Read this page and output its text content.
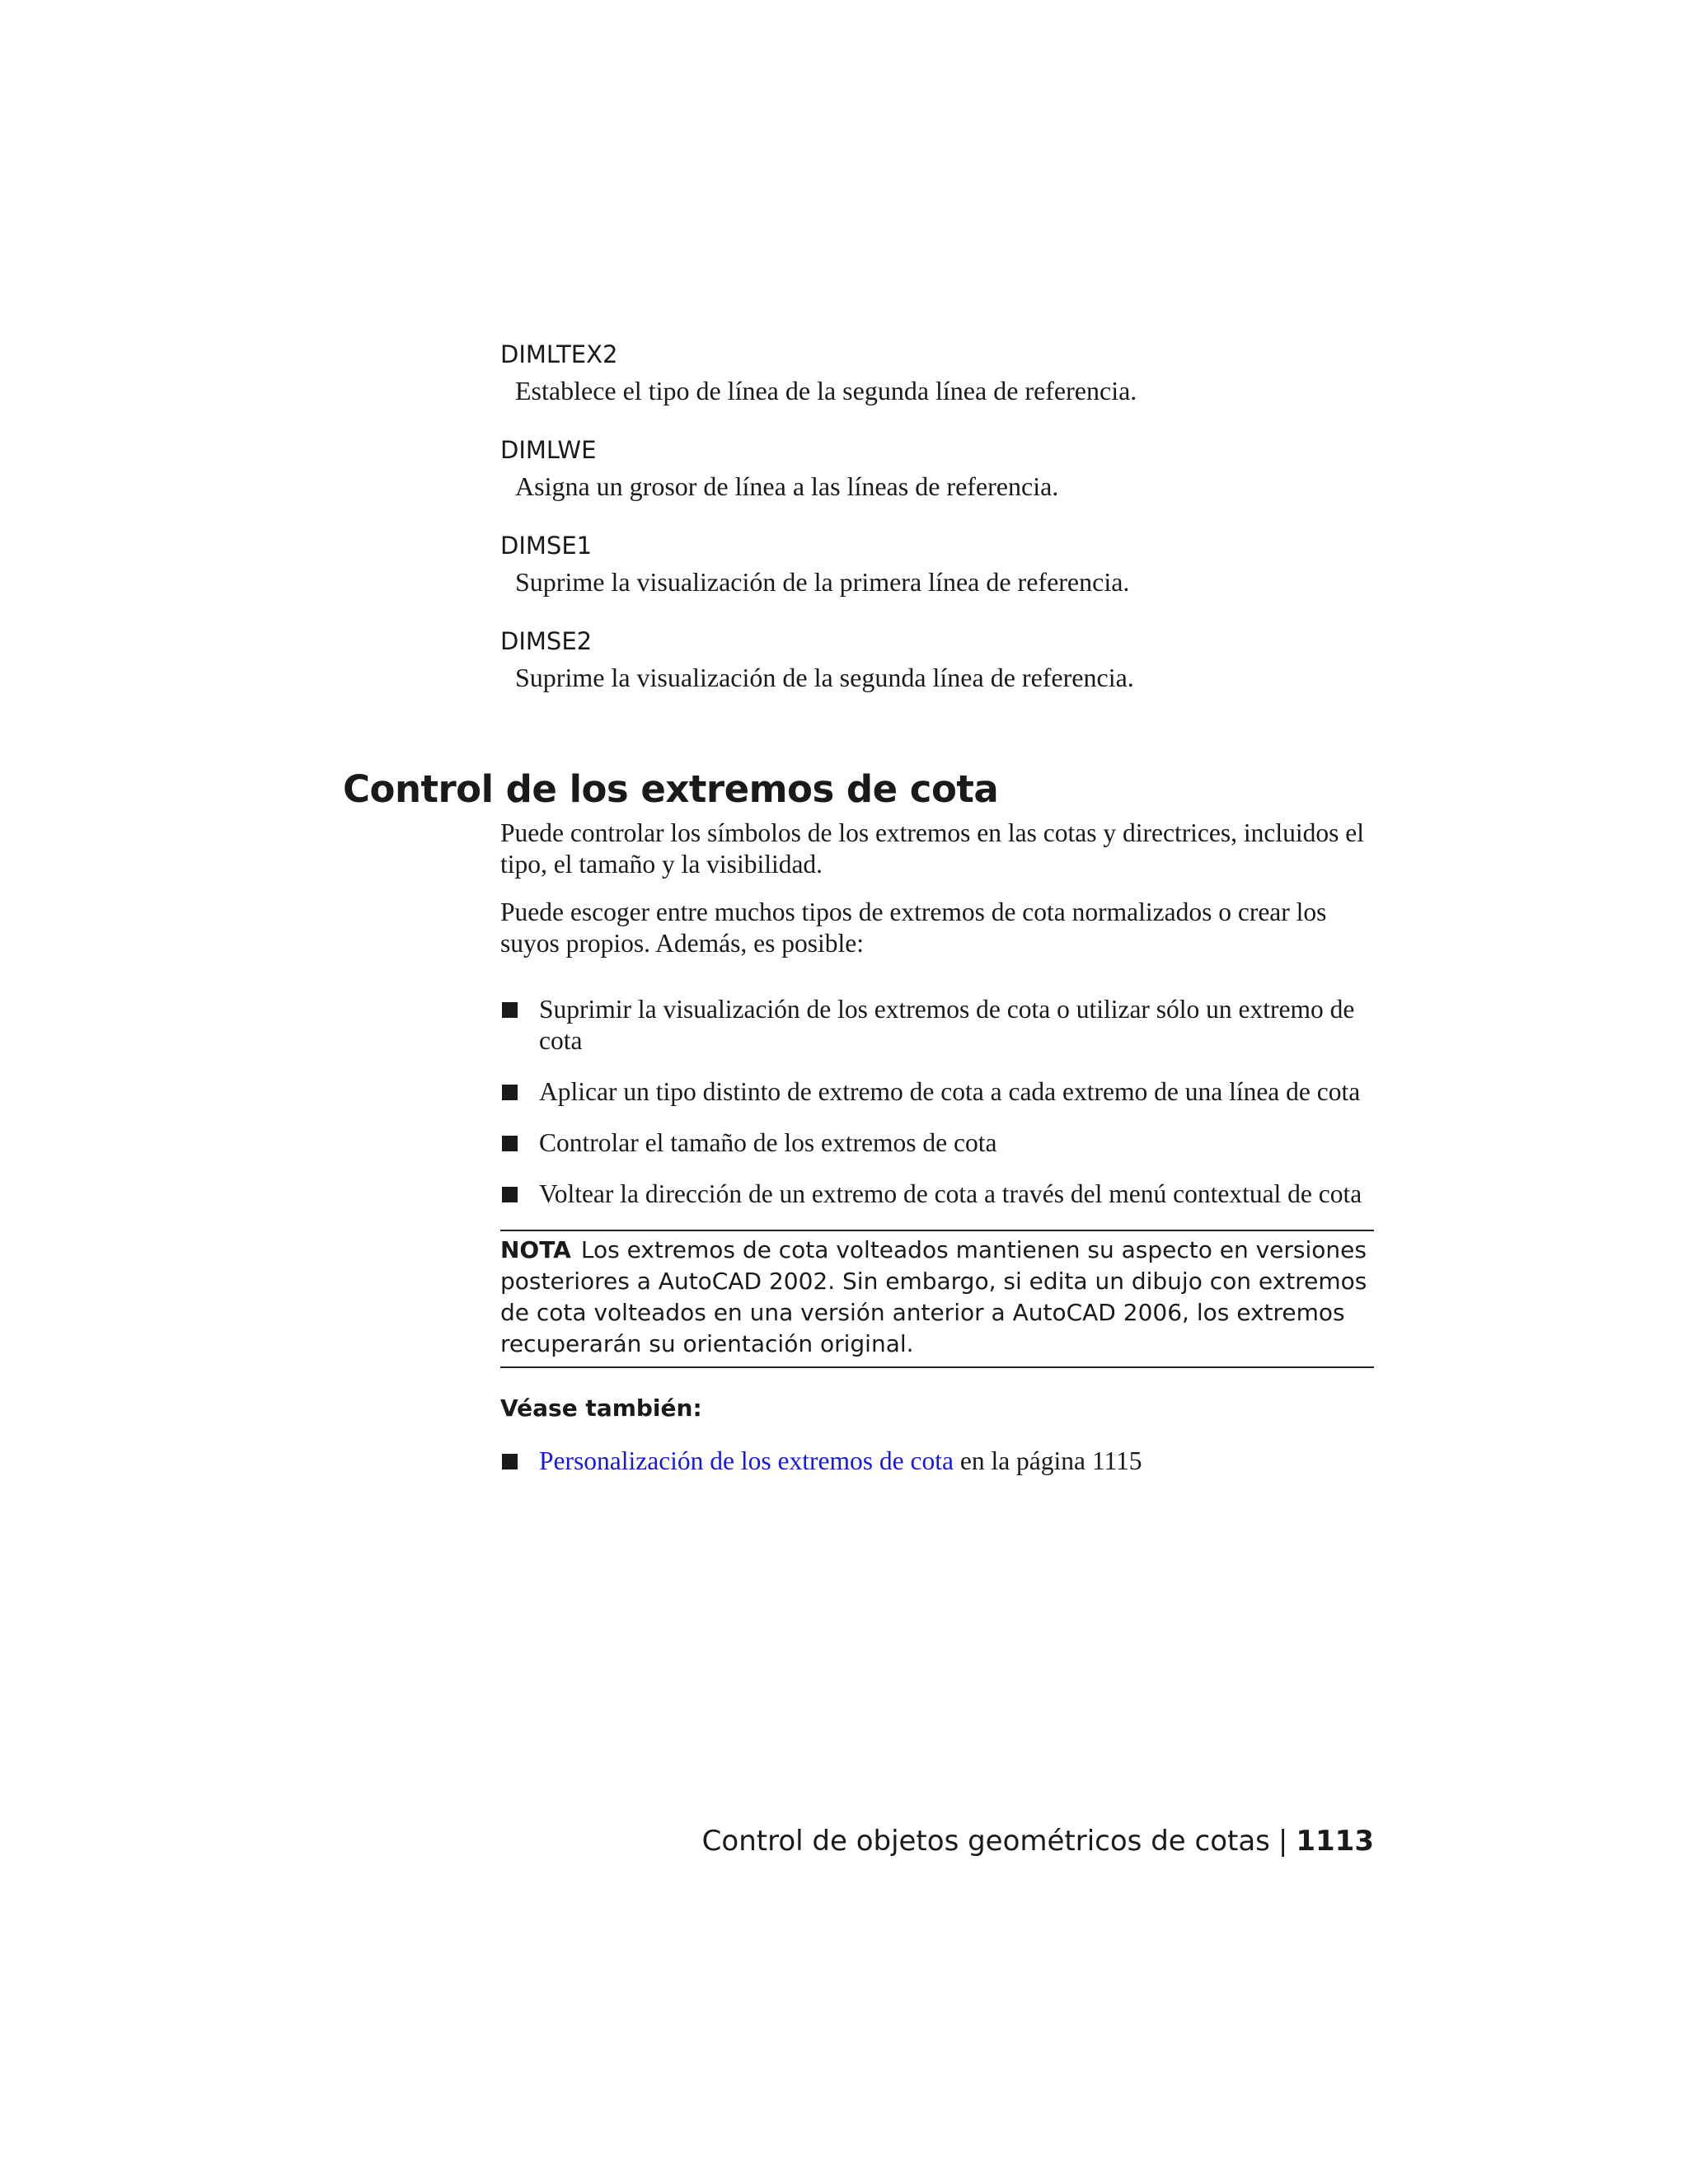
DIMLTEX2

Establece el tipo de línea de la segunda línea de referencia.

DIMLWE

Asigna un grosor de línea a las líneas de referencia.

DIMSE1

Suprime la visualización de la primera línea de referencia.

DIMSE2

Suprime la visualización de la segunda línea de referencia.

Control de los extremos de cota

Puede controlar los símbolos de los extremos en las cotas y directrices, incluidos el tipo, el tamaño y la visibilidad.

Puede escoger entre muchos tipos de extremos de cota normalizados o crear los suyos propios. Además, es posible:

Suprimir la visualización de los extremos de cota o utilizar sólo un extremo de cota
Aplicar un tipo distinto de extremo de cota a cada extremo de una línea de cota
Controlar el tamaño de los extremos de cota
Voltear la dirección de un extremo de cota a través del menú contextual de cota
NOTA Los extremos de cota volteados mantienen su aspecto en versiones posteriores a AutoCAD 2002. Sin embargo, si edita un dibujo con extremos de cota volteados en una versión anterior a AutoCAD 2006, los extremos recuperarán su orientación original.

Véase también:

Personalización de los extremos de cota en la página 1115
Control de objetos geométricos de cotas | 1113
